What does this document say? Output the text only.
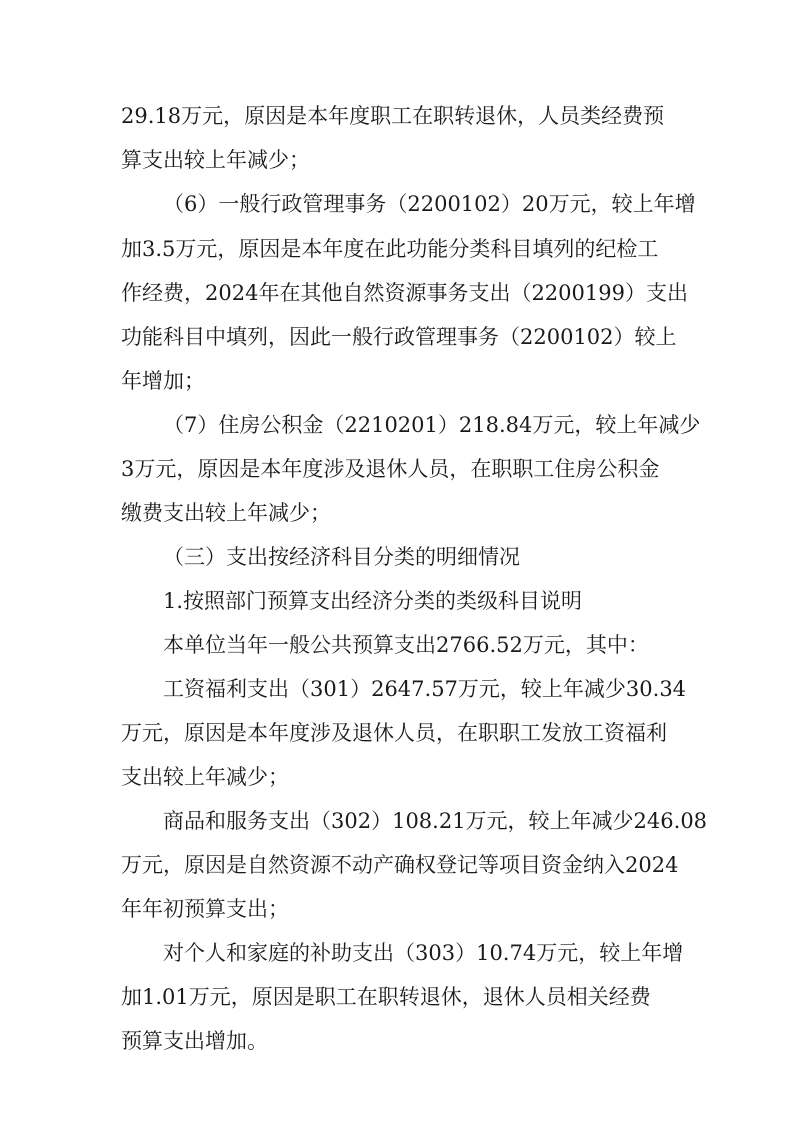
29.18万元，原因是本年度职工在职转退休，人员类经费预
算支出较上年减少；
（6）一般行政管理事务（2200102）20万元，较上年增
加3.5万元，原因是本年度在此功能分类科目填列的纪检工
作经费，2024年在其他自然资源事务支出（2200199）支出
功能科目中填列，因此一般行政管理事务（2200102）较上
年增加；
（7）住房公积金（2210201）218.84万元，较上年减少
3万元，原因是本年度涉及退休人员，在职职工住房公积金
缴费支出较上年减少；
（三）支出按经济科目分类的明细情况
1.按照部门预算支出经济分类的类级科目说明
本单位当年一般公共预算支出2766.52万元，其中：
工资福利支出（301）2647.57万元，较上年减少30.34
万元，原因是本年度涉及退休人员，在职职工发放工资福利
支出较上年减少；
商品和服务支出（302）108.21万元，较上年减少246.08
万元，原因是自然资源不动产确权登记等项目资金纳入2024
年年初预算支出；
对个人和家庭的补助支出（303）10.74万元，较上年增
加1.01万元，原因是职工在职转退休，退休人员相关经费
预算支出增加。
